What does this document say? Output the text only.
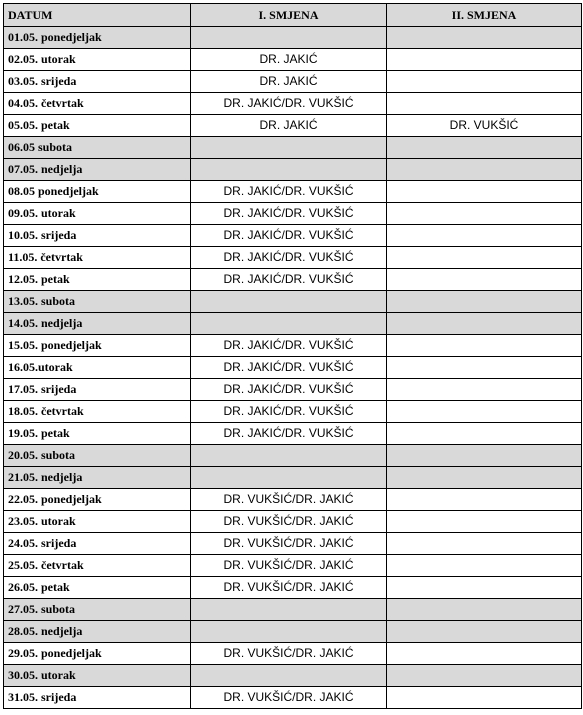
DATUM	I. SMJENA	II. SMJENA
01.05. ponedjeljak		
02.05. utorak	DR. JAKIĆ	
03.05. srijeda	DR. JAKIĆ	
04.05. četvrtak	DR. JAKIĆ/DR. VUKŠIĆ	
05.05. petak	DR. JAKIĆ	DR. VUKŠIĆ
06.05 subota		
07.05. nedjelja		
08.05 ponedjeljak	DR. JAKIĆ/DR. VUKŠIĆ	
09.05. utorak	DR. JAKIĆ/DR. VUKŠIĆ	
10.05. srijeda	DR. JAKIĆ/DR. VUKŠIĆ	
11.05. četvrtak	DR. JAKIĆ/DR. VUKŠIĆ	
12.05. petak	DR. JAKIĆ/DR. VUKŠIĆ	
13.05. subota		
14.05. nedjelja		
15.05. ponedjeljak	DR. JAKIĆ/DR. VUKŠIĆ	
16.05.utorak	DR. JAKIĆ/DR. VUKŠIĆ	
17.05. srijeda	DR. JAKIĆ/DR. VUKŠIĆ	
18.05. četvrtak	DR. JAKIĆ/DR. VUKŠIĆ	
19.05. petak	DR. JAKIĆ/DR. VUKŠIĆ	
20.05. subota		
21.05. nedjelja		
22.05. ponedjeljak	DR. VUKŠIĆ/DR. JAKIĆ	
23.05. utorak	DR. VUKŠIĆ/DR. JAKIĆ	
24.05. srijeda	DR. VUKŠIĆ/DR. JAKIĆ	
25.05. četvrtak	DR. VUKŠIĆ/DR. JAKIĆ	
26.05. petak	DR. VUKŠIĆ/DR. JAKIĆ	
27.05. subota		
28.05. nedjelja		
29.05. ponedjeljak	DR. VUKŠIĆ/DR. JAKIĆ	
30.05. utorak		
31.05. srijeda	DR. VUKŠIĆ/DR. JAKIĆ	
